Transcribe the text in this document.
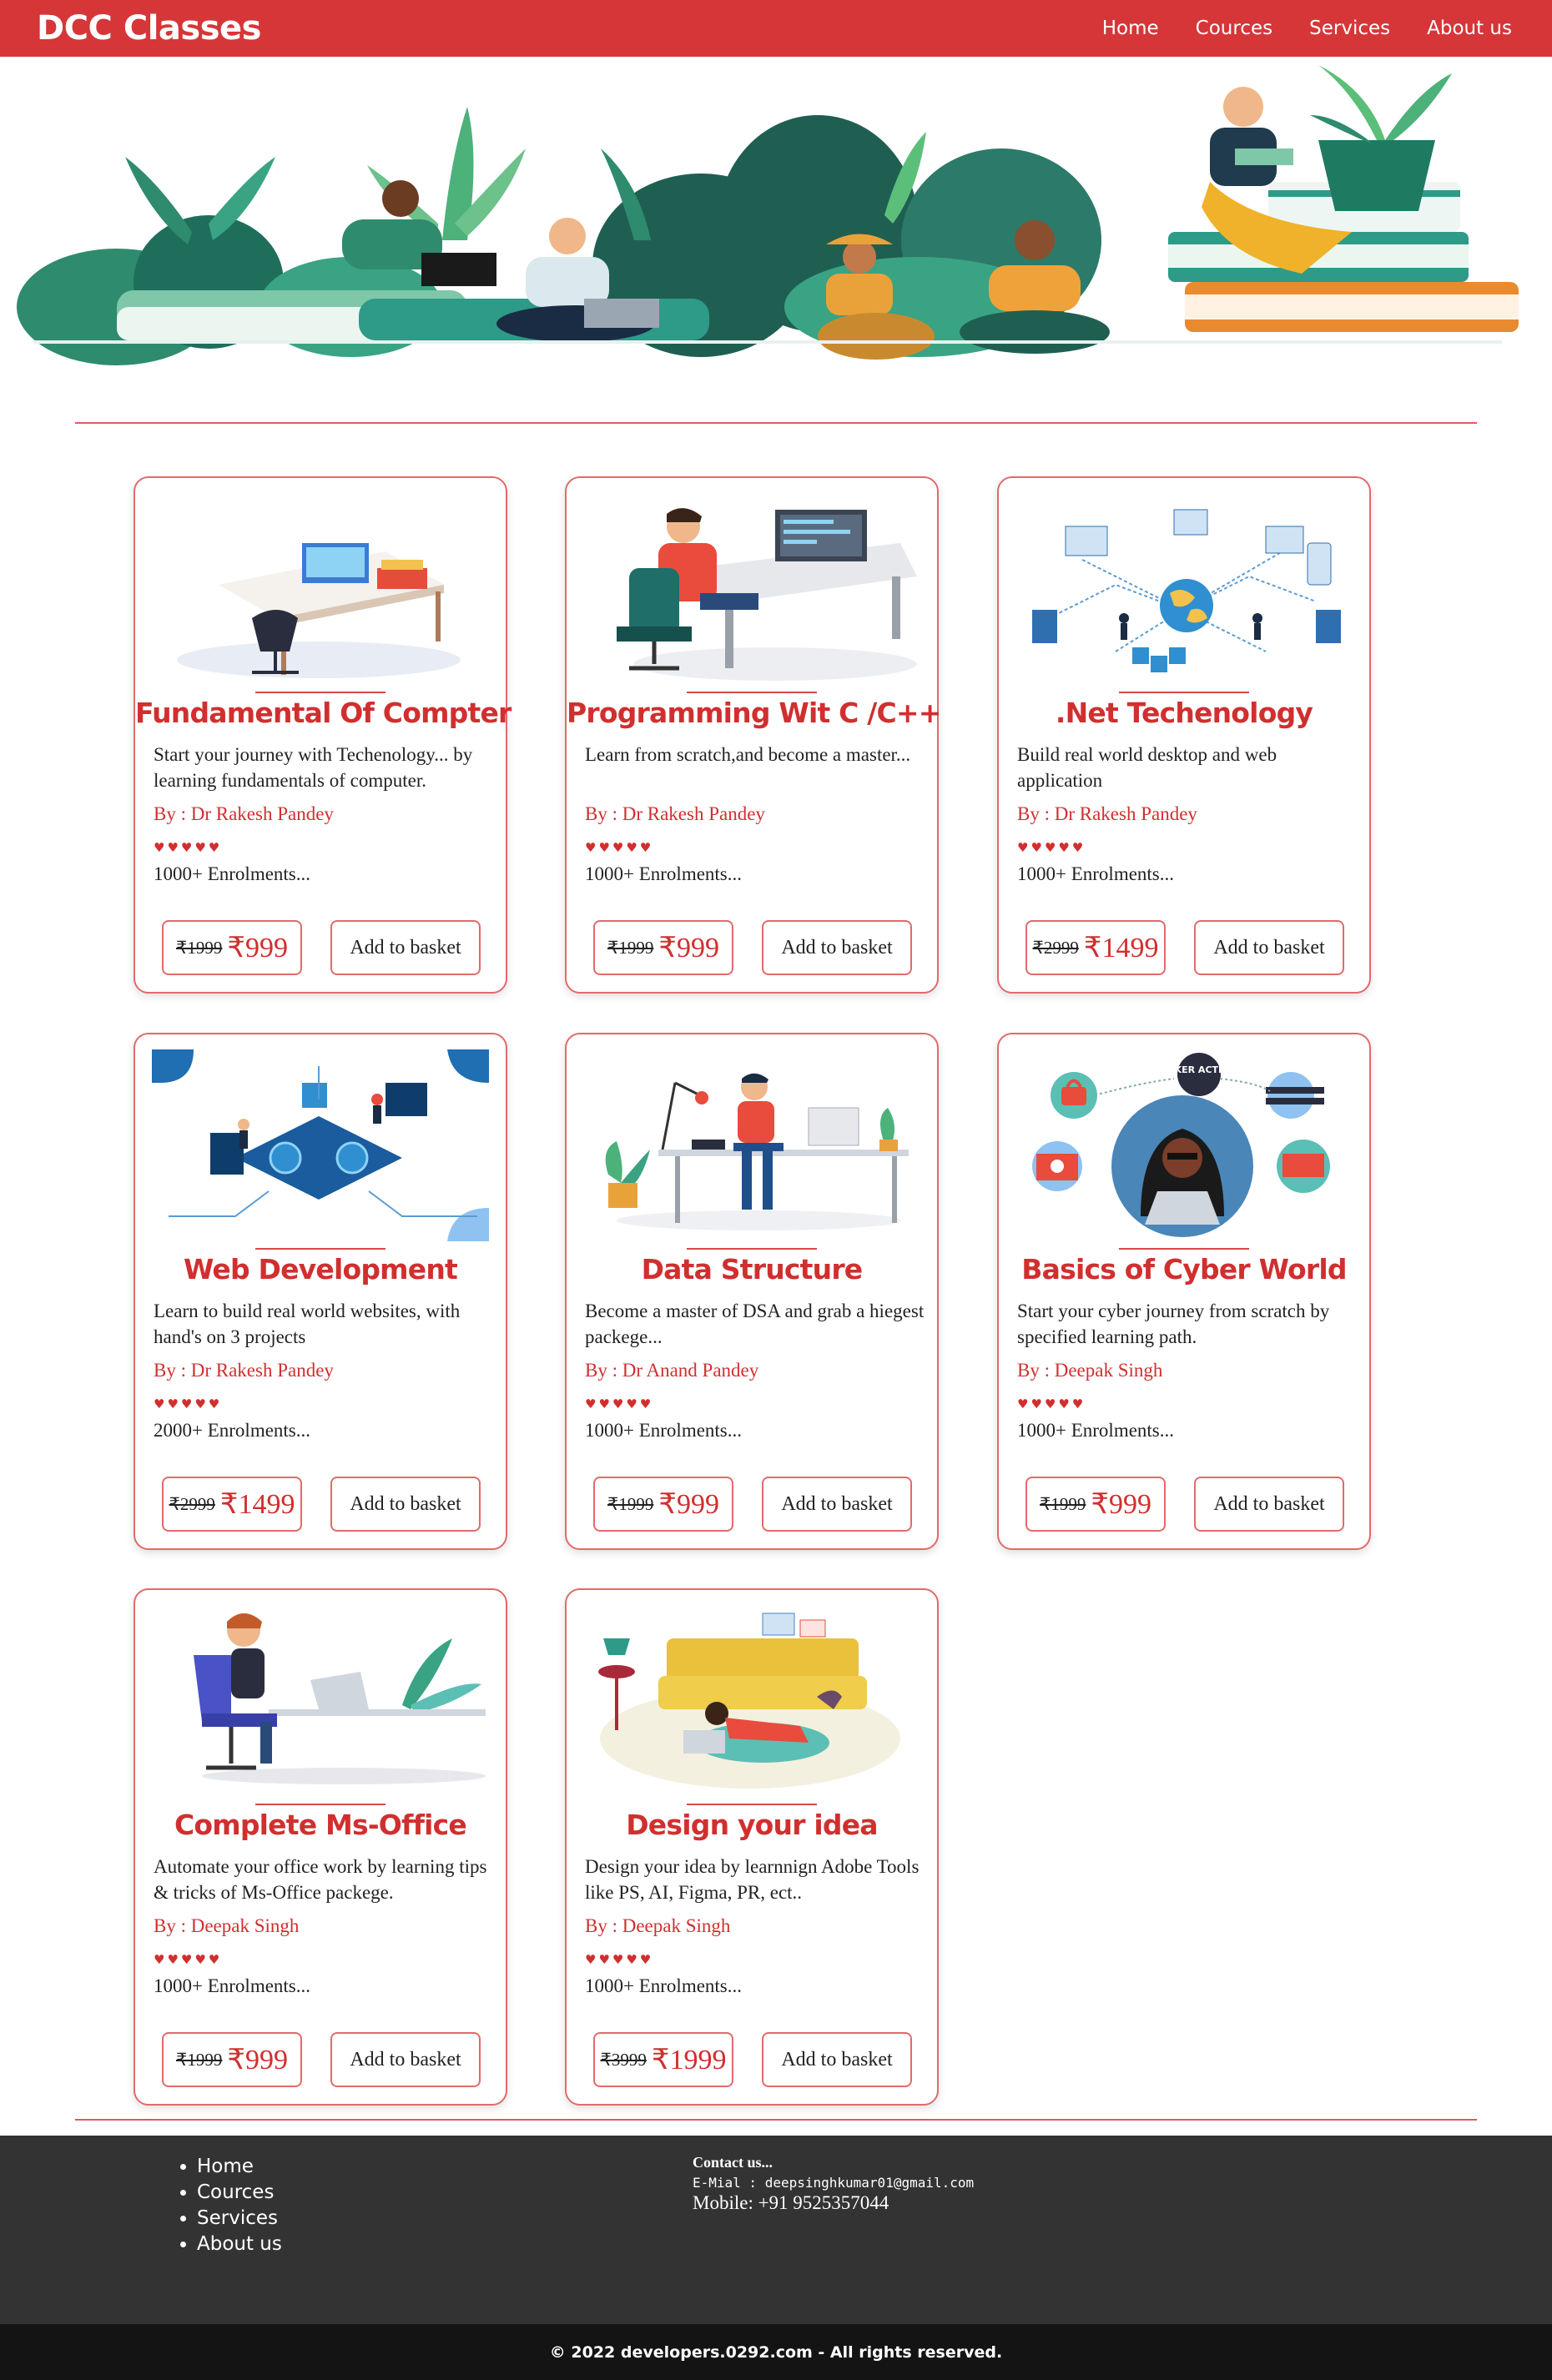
DCC Classes	Home Cources Services About us
Fundamental Of Compter
Start your journey with Techenology... by learning fundamentals of computer.
By : Dr Rakesh Pandey
♥♥♥♥♥
1000+ Enrolments...
₹1999 ₹999	Add to basket
Programming Wit C /C++
Learn from scratch,and become a master...
By : Dr Rakesh Pandey
♥♥♥♥♥
1000+ Enrolments...
₹1999 ₹999	Add to basket
.Net Techenology
Build real world desktop and web application
By : Dr Rakesh Pandey
♥♥♥♥♥
1000+ Enrolments...
₹2999 ₹1499	Add to basket
Web Development
Learn to build real world websites, with hand's on 3 projects
By : Dr Rakesh Pandey
♥♥♥♥♥
2000+ Enrolments...
₹2999 ₹1499	Add to basket
Data Structure
Become a master of DSA and grab a hiegest packege...
By : Dr Anand Pandey
♥♥♥♥♥
1000+ Enrolments...
₹1999 ₹999	Add to basket
HACKER ACTIVITY
Basics of Cyber World
Start your cyber journey from scratch by specified learning path.
By : Deepak Singh
♥♥♥♥♥
1000+ Enrolments...
₹1999 ₹999	Add to basket
Complete Ms-Office
Automate your office work by learning tips & tricks of Ms-Office packege.
By : Deepak Singh
♥♥♥♥♥
1000+ Enrolments...
₹1999 ₹999	Add to basket
Design your idea
Design your idea by learnnign Adobe Tools like PS, AI, Figma, PR, ect..
By : Deepak Singh
♥♥♥♥♥
1000+ Enrolments...
₹3999 ₹1999	Add to basket
• Home
• Cources
• Services
• About us
Contact us...
E-Mial : deepsinghkumar01@gmail.com
Mobile: +91 9525357044
© 2022 developers.0292.com - All rights reserved.
